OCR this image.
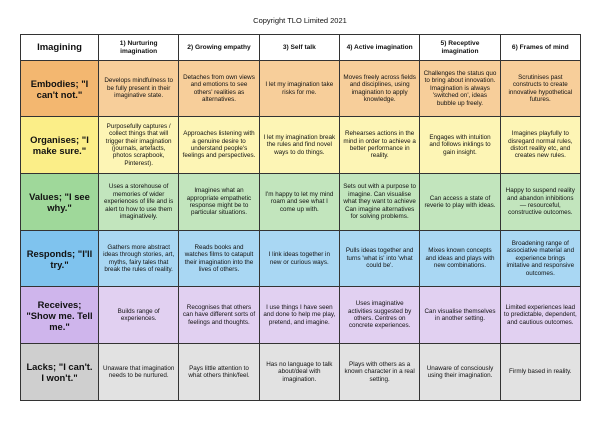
Copyright TLO Limited 2021
Imagining	1) Nurturing imagination	2) Growing empathy	3) Self talk	4) Active imagination	5) Receptive imagination	6) Frames of mind
Embodies; "I can't not."	Develops mindfulness to be fully present in their imaginative state.	Detaches from own views and emotions to see others' realities as alternatives.	I let my imagination take risks for me.	Moves freely across fields and disciplines, using imagination to apply knowledge.	Challenges the status quo to bring about innovation. Imagination is always 'switched on', ideas bubble up freely.	Scrutinises past constructs to create innovative hypothetical futures.
Organises; "I make sure."	Purposefully captures / collect things that will trigger their imagination (journals, artefacts, photos scrapbook, Pinterest).	Approaches listening with a genuine desire to understand people's feelings and perspectives.	I let my imagination break the rules and find novel ways to do things.	Rehearses actions in the mind in order to achieve a better performance in reality.	Engages with intuition and follows inklings to gain insight.	Imagines playfully to disregard normal rules, distort reality etc, and creates new rules.
Values; "I see why."	Uses a storehouse of memories of wider experiences of life and is alert to how to use them imaginatively.	Imagines what an appropriate empathetic response might be to particular situations.	I'm happy to let my mind roam and see what I come up with.	Sets out with a purpose to imagine. Can visualise what they want to achieve Can imagine alternatives for solving problems.	Can access a state of reverie to play with ideas.	Happy to suspend reality and abandon inhibitions — resourceful, constructive outcomes.
Responds; "I'll try."	Gathers more abstract ideas through stories, art, myths, fairy tales that break the rules of reality.	Reads books and watches films to catapult their imagination into the lives of others.	I link ideas together in new or curious ways.	Pulls ideas together and turns 'what is' into 'what could be'.	Mixes known concepts and ideas and plays with new combinations.	Broadening range of associative material and experience brings imitative and responsive outcomes.
Receives; "Show me. Tell me."	Builds range of experiences.	Recognises that others can have different sorts of feelings and thoughts.	I use things I have seen and done to help me play, pretend, and imagine.	Uses imaginative activities suggested by others. Centres on concrete experiences.	Can visualise themselves in another setting.	Limited experiences lead to predictable, dependent, and cautious outcomes.
Lacks; "I can't. I won't."	Unaware that imagination needs to be nurtured.	Pays little attention to what others think/feel.	Has no language to talk about/deal with imagination.	Plays with others as a known character in a real setting.	Unaware of consciously using their imagination.	Firmly based in reality.
